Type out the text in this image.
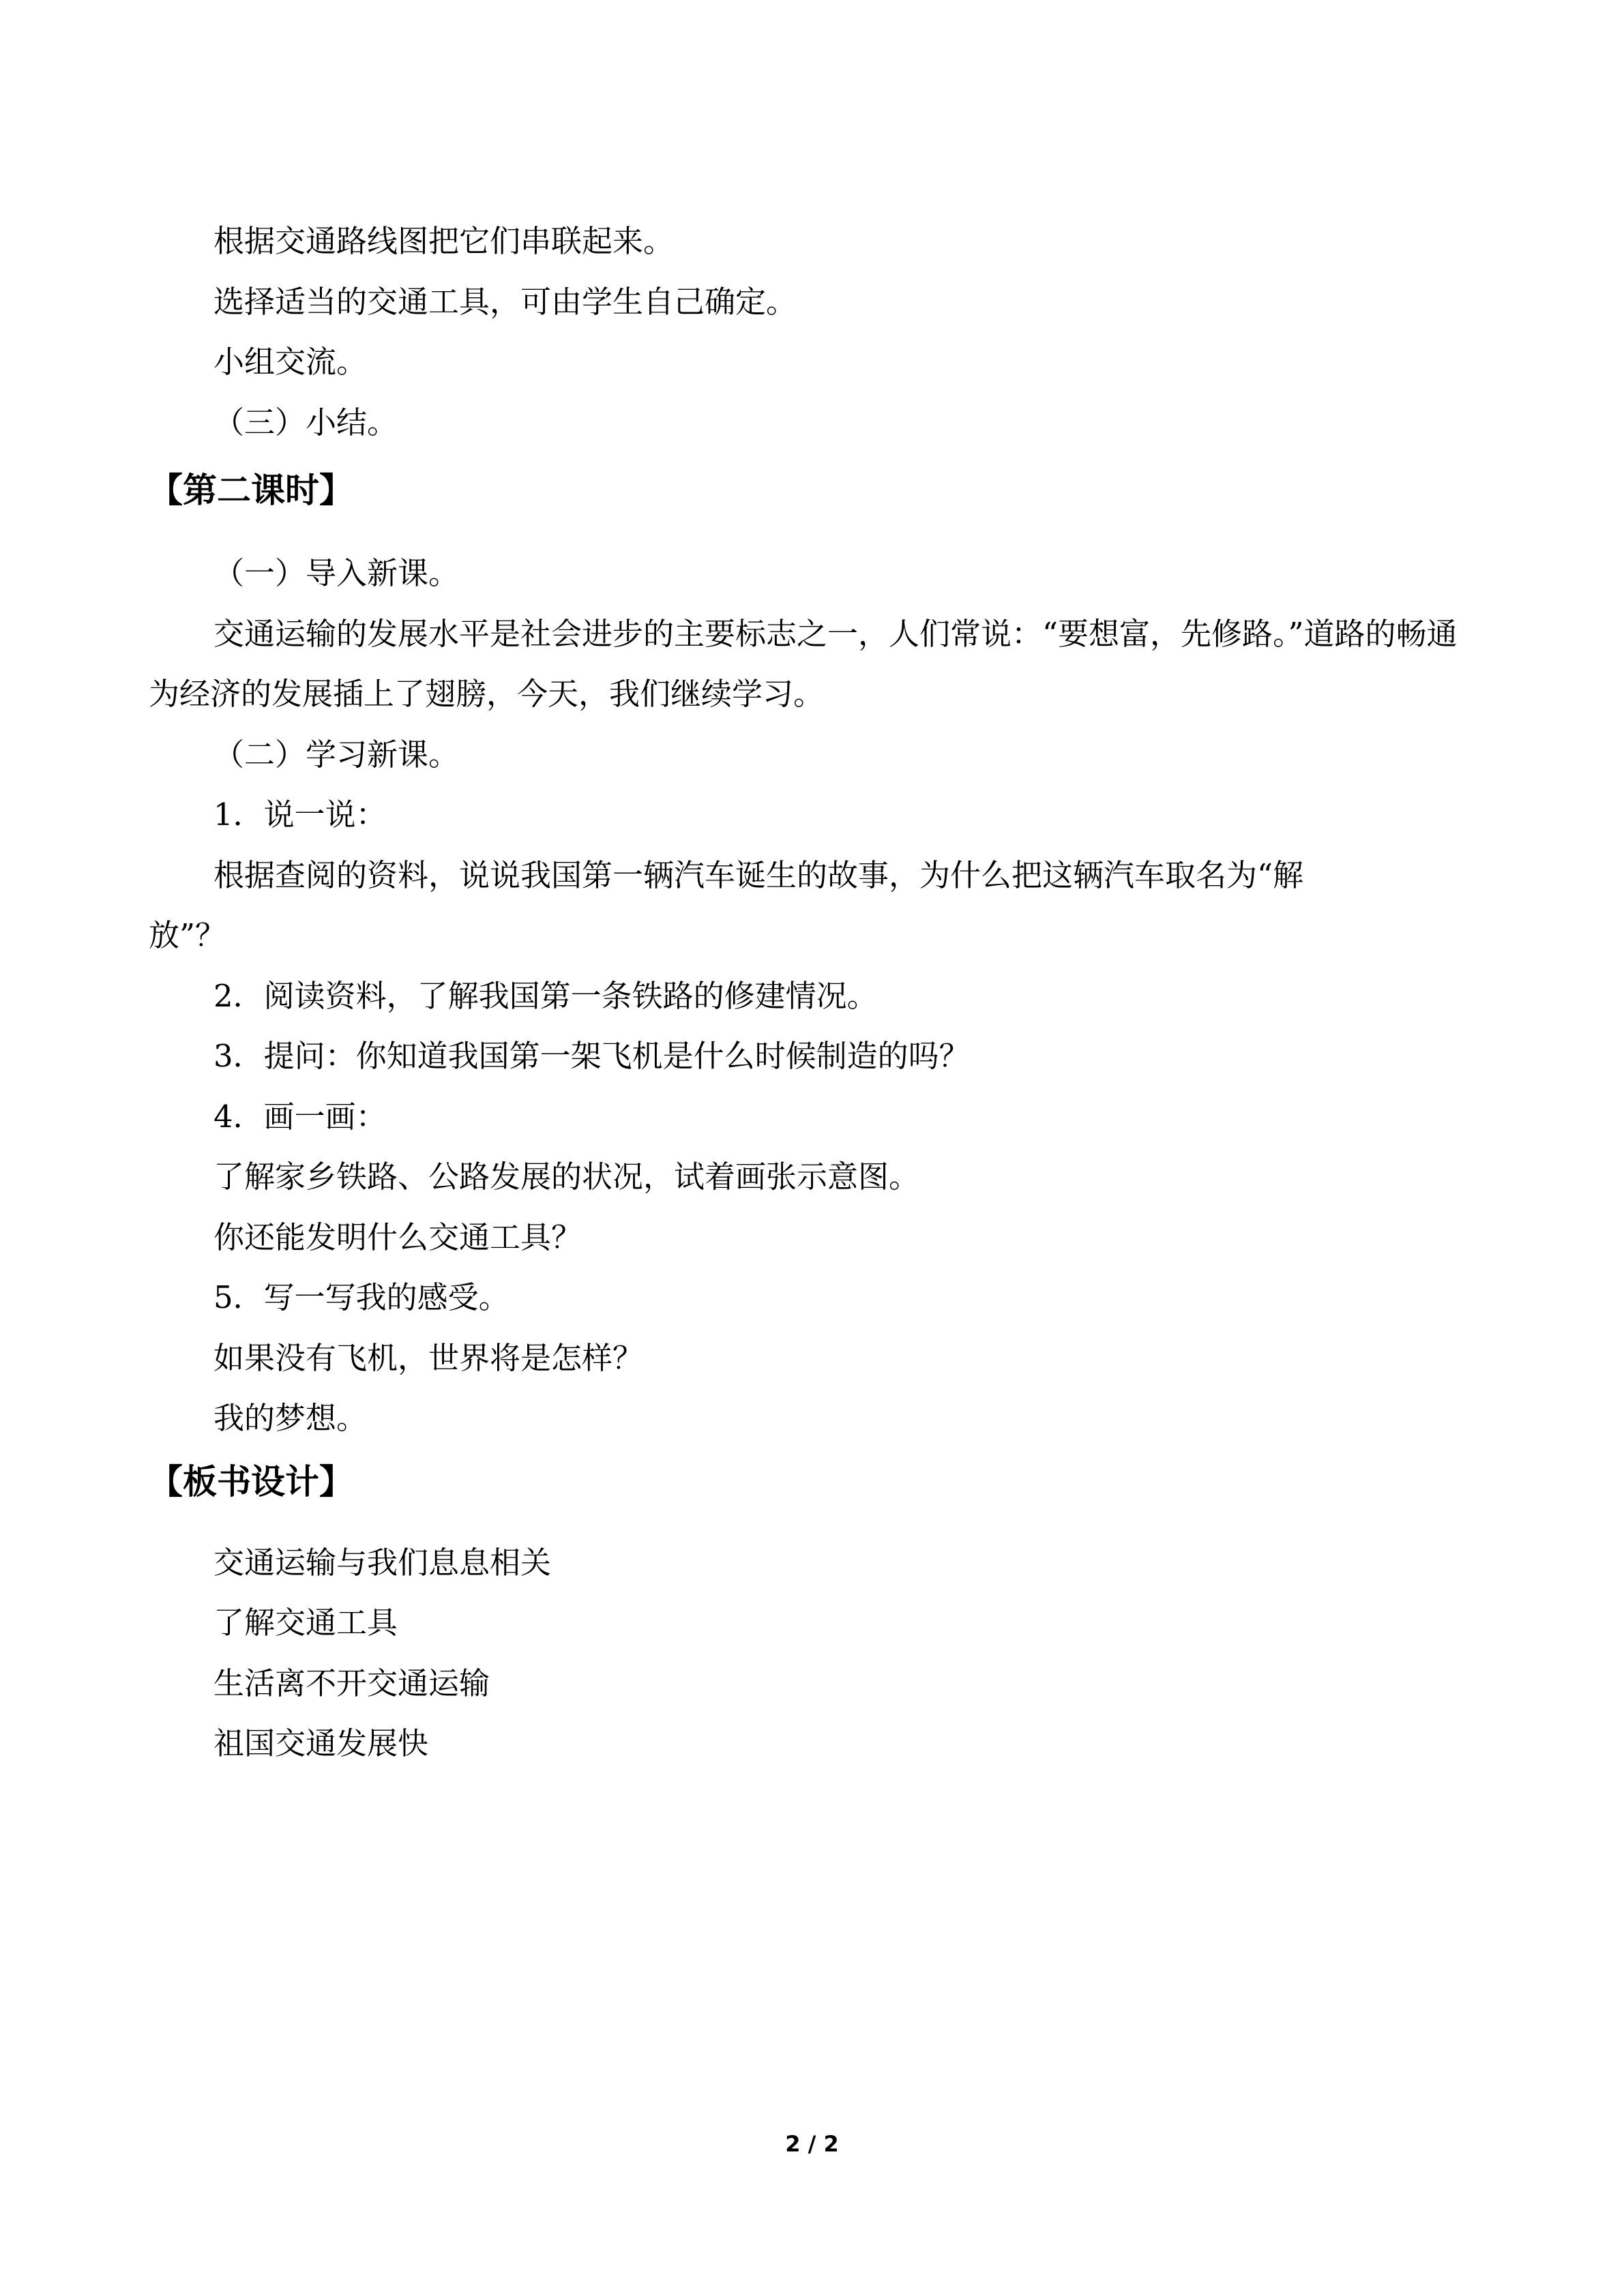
根据交通路线图把它们串联起来。

选择适当的交通工具，可由学生自己确定。

小组交流。

（三）小结。

【第二课时】

（一）导入新课。

交通运输的发展水平是社会进步的主要标志之一，人们常说：“要想富，先修路。”道路的畅通为经济的发展插上了翅膀，今天，我们继续学习。

（二）学习新课。

1．说一说：

根据查阅的资料，说说我国第一辆汽车诞生的故事，为什么把这辆汽车取名为“解

放”？

2．阅读资料，了解我国第一条铁路的修建情况。

3．提问：你知道我国第一架飞机是什么时候制造的吗？

4．画一画：

了解家乡铁路、公路发展的状况，试着画张示意图。

你还能发明什么交通工具？

5．写一写我的感受。

如果没有飞机，世界将是怎样？

我的梦想。

【板书设计】

交通运输与我们息息相关

了解交通工具

生活离不开交通运输

祖国交通发展快

2 / 2
